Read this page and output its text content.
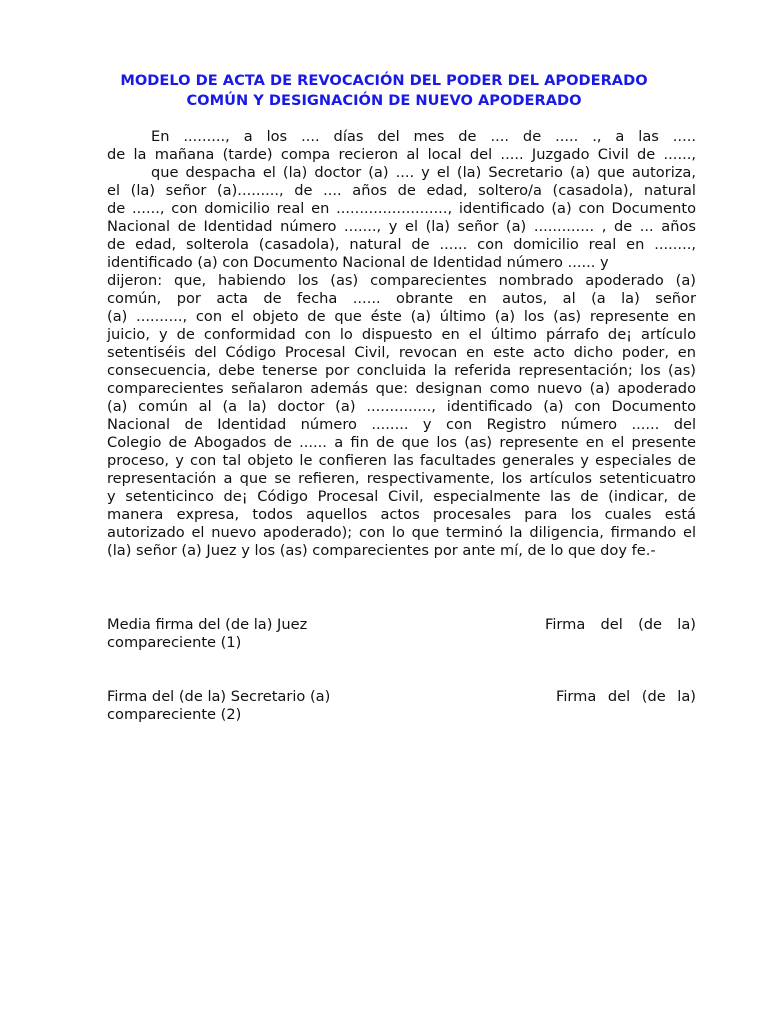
MODELO DE ACTA DE REVOCACIÓN DEL PODER DEL APODERADO
COMÚN Y DESIGNACIÓN DE NUEVO APODERADO
En ........., a los .... días del mes de .... de ..... ., a las .....
de la mañana (tarde) compa recieron al local del ..... Juzgado Civil de ......,
que despacha el (la) doctor (a) .... y el (la) Secretario (a) que autoriza,
el (la) señor (a)........., de .... años de edad, soltero/a (casadola), natural
de ......, con domicilio real en ........................, identificado (a) con Documento
Nacional de Identidad número ......., y el (la) señor (a) ............. , de ... años
de edad, solterola (casadola), natural de ...... con domicilio real en ........,
identificado (a) con Documento Nacional de Identidad número ...... y
dijeron: que, habiendo los (as) comparecientes nombrado apoderado (a)
común, por acta de fecha ...... obrante en autos, al (a la) señor
(a) .........., con el objeto de que éste (a) último (a) los (as) represente en
juicio, y de conformidad con lo dispuesto en el último párrafo de¡ artículo
setentiséis del Código Procesal Civil, revocan en este acto dicho poder, en
consecuencia, debe tenerse por concluida la referida representación; los (as)
comparecientes señalaron además que: designan como nuevo (a) apoderado
(a) común al (a la) doctor (a) .............., identificado (a) con Documento
Nacional de Identidad número ........ y con Registro número ...... del
Colegio de Abogados de ...... a fin de que los (as) represente en el presente
proceso, y con tal objeto le confieren las facultades generales y especiales de
representación a que se refieren, respectivamente, los artículos setenticuatro
y setenticinco de¡ Código Procesal Civil, especialmente las de (indicar, de
manera expresa, todos aquellos actos procesales para los cuales está
autorizado el nuevo apoderado); con lo que terminó la diligencia, firmando el
(la) señor (a) Juez y los (as) comparecientes por ante mí, de lo que doy fe.-
Media firma del (de la) Juez	Firma del (de la)
compareciente (1)
Firma del (de la) Secretario (a)	Firma del (de la)
compareciente (2)
